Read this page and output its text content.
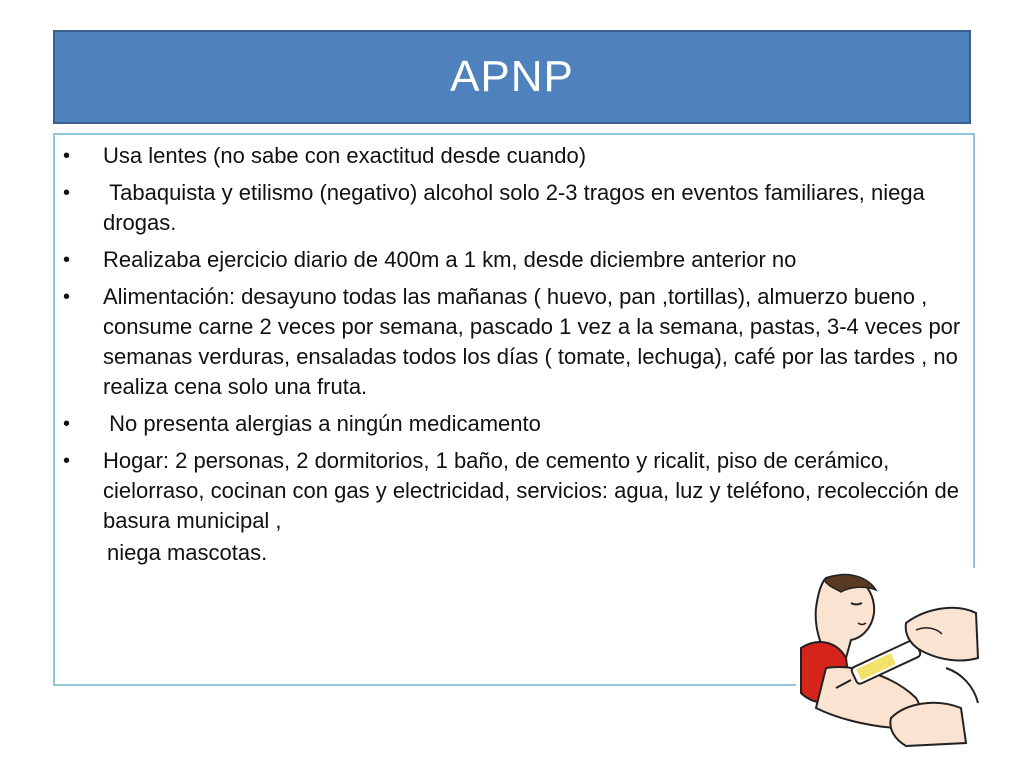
APNP
• Usa lentes (no sabe con exactitud desde cuando)
• Tabaquista y etilismo (negativo) alcohol solo 2-3 tragos en eventos familiares, niega drogas.
• Realizaba ejercicio diario de 400m a 1 km, desde diciembre anterior no
• Alimentación: desayuno todas las mañanas ( huevo, pan ,tortillas), almuerzo bueno , consume carne 2 veces por semana, pascado 1 vez a la semana, pastas, 3-4 veces por semanas verduras, ensaladas todos los días ( tomate, lechuga), café por las tardes , no realiza cena solo una fruta.
• No presenta alergias a ningún medicamento
• Hogar: 2 personas, 2 dormitorios, 1 baño, de cemento y ricalit, piso de cerámico, cielorraso, cocinan con gas y electricidad, servicios: agua, luz y teléfono, recolección de basura municipal ,
niega mascotas.
